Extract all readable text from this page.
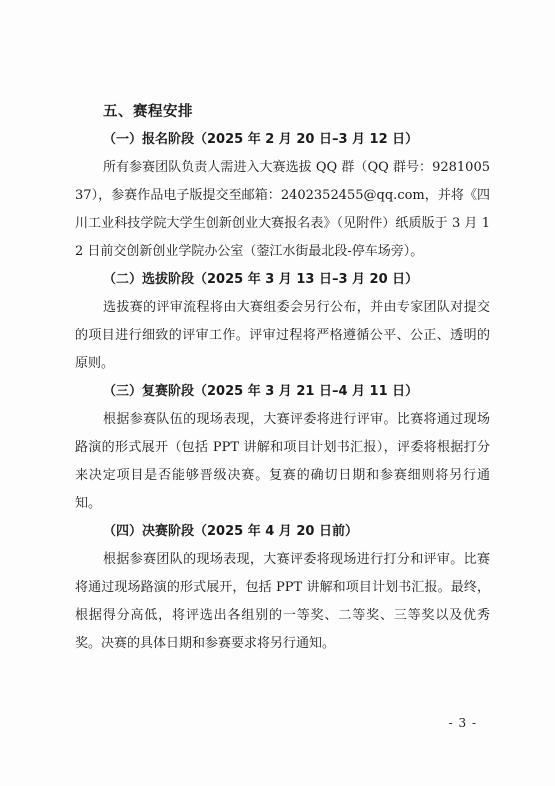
五、赛程安排
（一）报名阶段（2025 年 2 月 20 日–3 月 12 日）

所有参赛团队负责人需进入大赛选拔 QQ 群（QQ 群号：928100537），参赛作品电子版提交至邮箱：2402352455@qq.com，并将《四川工业科技学院大学生创新创业大赛报名表》（见附件）纸质版于 3 月 12 日前交创新创业学院办公室（蓥江水街最北段-停车场旁）。

（二）选拔阶段（2025 年 3 月 13 日–3 月 20 日）

选拔赛的评审流程将由大赛组委会另行公布，并由专家团队对提交的项目进行细致的评审工作。评审过程将严格遵循公平、公正、透明的原则。

（三）复赛阶段（2025 年 3 月 21 日–4 月 11 日）

根据参赛队伍的现场表现，大赛评委将进行评审。比赛将通过现场路演的形式展开（包括 PPT 讲解和项目计划书汇报），评委将根据打分来决定项目是否能够晋级决赛。复赛的确切日期和参赛细则将另行通知。

（四）决赛阶段（2025 年 4 月 20 日前）

根据参赛团队的现场表现，大赛评委将现场进行打分和评审。比赛将通过现场路演的形式展开，包括 PPT 讲解和项目计划书汇报。最终，根据得分高低，将评选出各组别的一等奖、二等奖、三等奖以及优秀奖。决赛的具体日期和参赛要求将另行通知。

- 3 -
